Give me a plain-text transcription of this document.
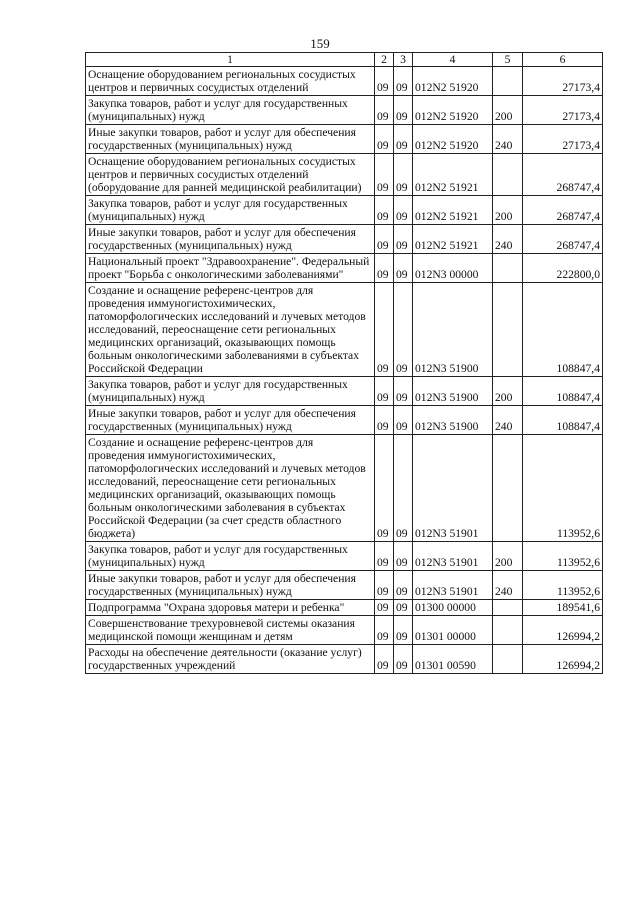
159
1	2	3	4	5	6
Оснащение оборудованием региональных сосудистых центров и первичных сосудистых отделений	09	09	012N2 51920		27173,4
Закупка товаров, работ и услуг для государственных (муниципальных) нужд	09	09	012N2 51920	200	27173,4
Иные закупки товаров, работ и услуг для обеспечения государственных (муниципальных) нужд	09	09	012N2 51920	240	27173,4
Оснащение оборудованием региональных сосудистых центров и первичных сосудистых отделений (оборудование для ранней медицинской реабилитации)	09	09	012N2 51921		268747,4
Закупка товаров, работ и услуг для государственных (муниципальных) нужд	09	09	012N2 51921	200	268747,4
Иные закупки товаров, работ и услуг для обеспечения государственных (муниципальных) нужд	09	09	012N2 51921	240	268747,4
Национальный проект "Здравоохранение". Федеральный проект "Борьба с онкологическими заболеваниями"	09	09	012N3 00000		222800,0
Создание и оснащение референс-центров для проведения иммуногистохимических, патоморфологических исследований и лучевых методов исследований, переоснащение сети региональных медицинских организаций, оказывающих помощь больным онкологическими заболеваниями в субъектах Российской Федерации	09	09	012N3 51900		108847,4
Закупка товаров, работ и услуг для государственных (муниципальных) нужд	09	09	012N3 51900	200	108847,4
Иные закупки товаров, работ и услуг для обеспечения государственных (муниципальных) нужд	09	09	012N3 51900	240	108847,4
Создание и оснащение референс-центров для проведения иммуногистохимических, патоморфологических исследований и лучевых методов исследований, переоснащение сети региональных медицинских организаций, оказывающих помощь больным онкологическими заболевания в субъектах Российской Федерации (за счет средств областного бюджета)	09	09	012N3 51901		113952,6
Закупка товаров, работ и услуг для государственных (муниципальных) нужд	09	09	012N3 51901	200	113952,6
Иные закупки товаров, работ и услуг для обеспечения государственных (муниципальных) нужд	09	09	012N3 51901	240	113952,6
Подпрограмма "Охрана здоровья матери и ребенка"	09	09	01300 00000		189541,6
Совершенствование трехуровневой системы оказания медицинской помощи женщинам и детям	09	09	01301 00000		126994,2
Расходы на обеспечение деятельности (оказание услуг) государственных учреждений	09	09	01301 00590		126994,2
